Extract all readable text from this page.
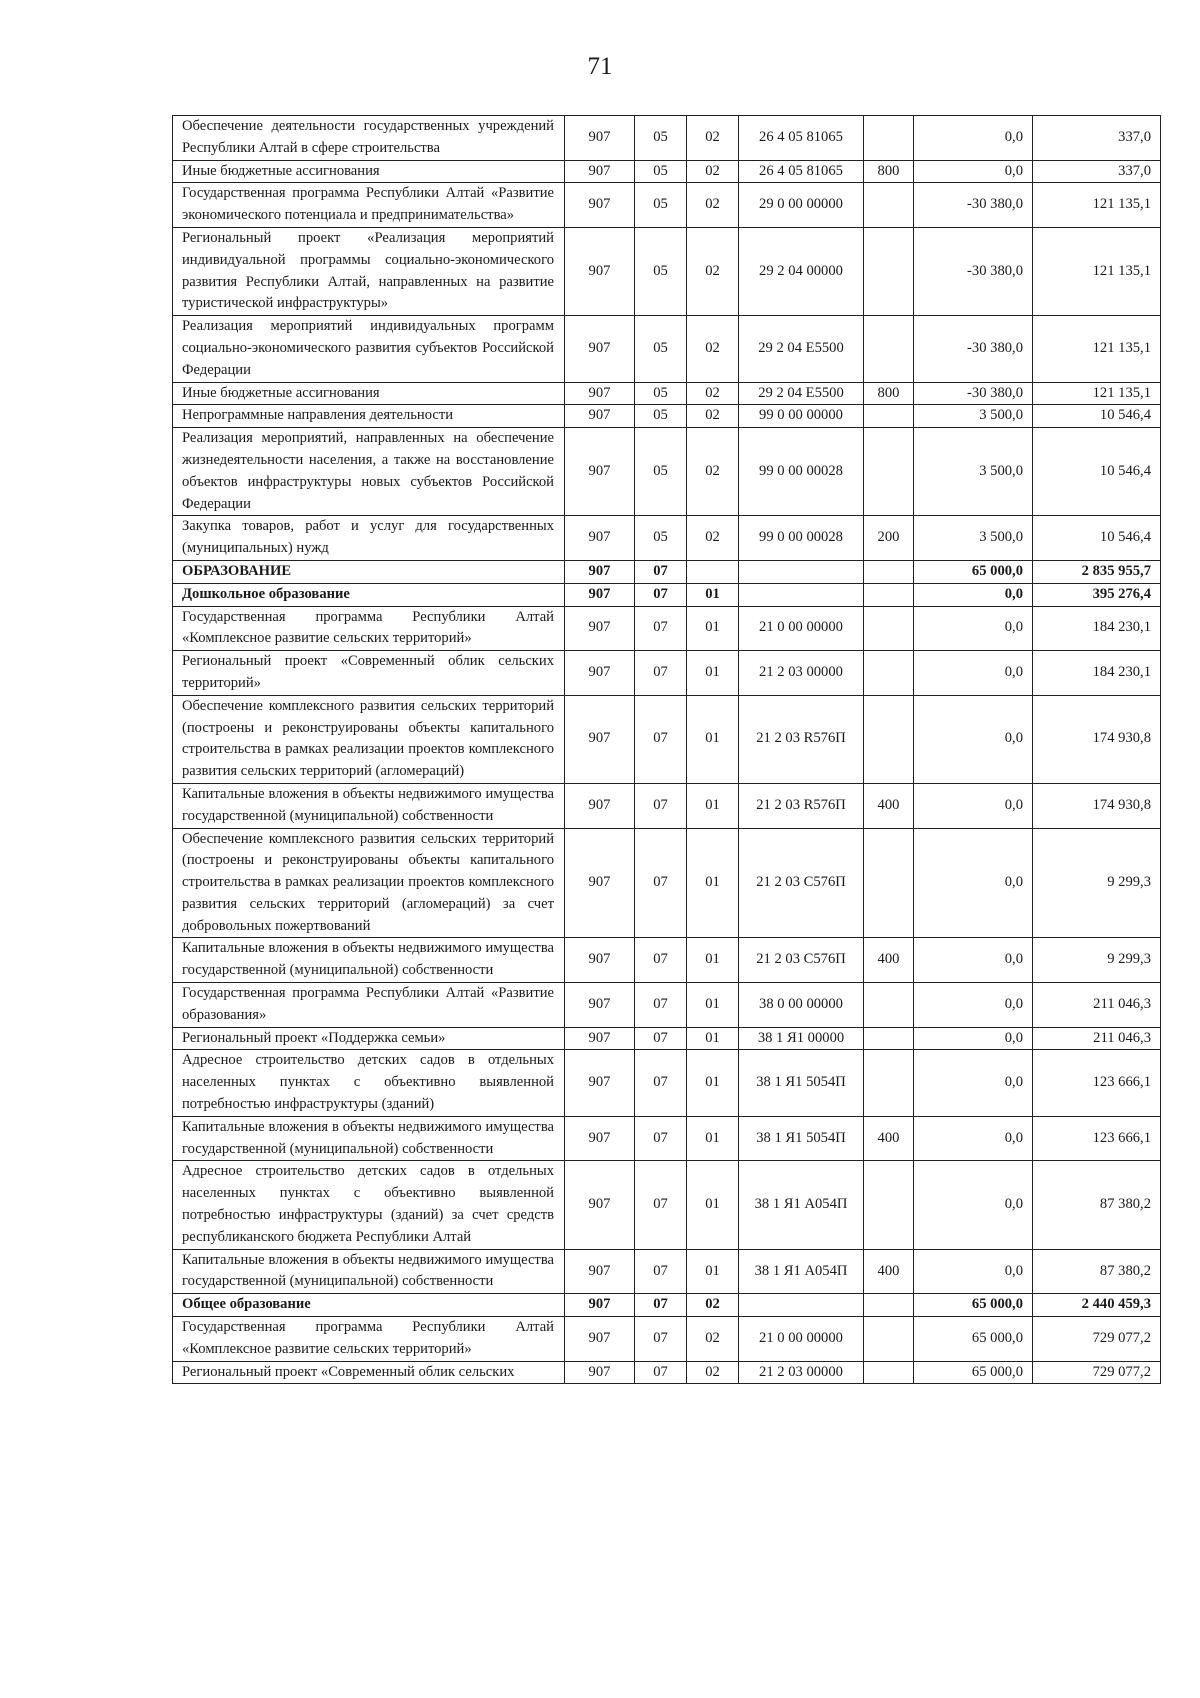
71
Обеспечение деятельности государственных учреждений Республики Алтай в сфере строительства	907	05	02	26 4 05 81065		0,0	337,0
Иные бюджетные ассигнования	907	05	02	26 4 05 81065	800	0,0	337,0
Государственная программа Республики Алтай «Развитие экономического потенциала и предпринимательства»	907	05	02	29 0 00 00000		-30 380,0	121 135,1
Региональный проект «Реализация мероприятий индивидуальной программы социально-экономического развития Республики Алтай, направленных на развитие туристической инфраструктуры»	907	05	02	29 2 04 00000		-30 380,0	121 135,1
Реализация мероприятий индивидуальных программ социально-экономического развития субъектов Российской Федерации	907	05	02	29 2 04 E5500		-30 380,0	121 135,1
Иные бюджетные ассигнования	907	05	02	29 2 04 E5500	800	-30 380,0	121 135,1
Непрограммные направления деятельности	907	05	02	99 0 00 00000		3 500,0	10 546,4
Реализация мероприятий, направленных на обеспечение жизнедеятельности населения, а также на восстановление объектов инфраструктуры новых субъектов Российской Федерации	907	05	02	99 0 00 00028		3 500,0	10 546,4
Закупка товаров, работ и услуг для государственных (муниципальных) нужд	907	05	02	99 0 00 00028	200	3 500,0	10 546,4
ОБРАЗОВАНИЕ	907	07				65 000,0	2 835 955,7
Дошкольное образование	907	07	01			0,0	395 276,4
Государственная программа Республики Алтай «Комплексное развитие сельских территорий»	907	07	01	21 0 00 00000		0,0	184 230,1
Региональный проект «Современный облик сельских территорий»	907	07	01	21 2 03 00000		0,0	184 230,1
Обеспечение комплексного развития сельских территорий (построены и реконструированы объекты капитального строительства в рамках реализации проектов комплексного развития сельских территорий (агломераций)	907	07	01	21 2 03 R576П		0,0	174 930,8
Капитальные вложения в объекты недвижимого имущества государственной (муниципальной) собственности	907	07	01	21 2 03 R576П	400	0,0	174 930,8
Обеспечение комплексного развития сельских территорий (построены и реконструированы объекты капитального строительства в рамках реализации проектов комплексного развития сельских территорий (агломераций) за счет добровольных пожертвований	907	07	01	21 2 03 C576П		0,0	9 299,3
Капитальные вложения в объекты недвижимого имущества государственной (муниципальной) собственности	907	07	01	21 2 03 C576П	400	0,0	9 299,3
Государственная программа Республики Алтай «Развитие образования»	907	07	01	38 0 00 00000		0,0	211 046,3
Региональный проект «Поддержка семьи»	907	07	01	38 1 Я1 00000		0,0	211 046,3
Адресное строительство детских садов в отдельных населенных пунктах с объективно выявленной потребностью инфраструктуры (зданий)	907	07	01	38 1 Я1 5054П		0,0	123 666,1
Капитальные вложения в объекты недвижимого имущества государственной (муниципальной) собственности	907	07	01	38 1 Я1 5054П	400	0,0	123 666,1
Адресное строительство детских садов в отдельных населенных пунктах с объективно выявленной потребностью инфраструктуры (зданий) за счет средств республиканского бюджета Республики Алтай	907	07	01	38 1 Я1 A054П		0,0	87 380,2
Капитальные вложения в объекты недвижимого имущества государственной (муниципальной) собственности	907	07	01	38 1 Я1 A054П	400	0,0	87 380,2
Общее образование	907	07	02			65 000,0	2 440 459,3
Государственная программа Республики Алтай «Комплексное развитие сельских территорий»	907	07	02	21 0 00 00000		65 000,0	729 077,2
Региональный проект «Современный облик сельских	907	07	02	21 2 03 00000		65 000,0	729 077,2
